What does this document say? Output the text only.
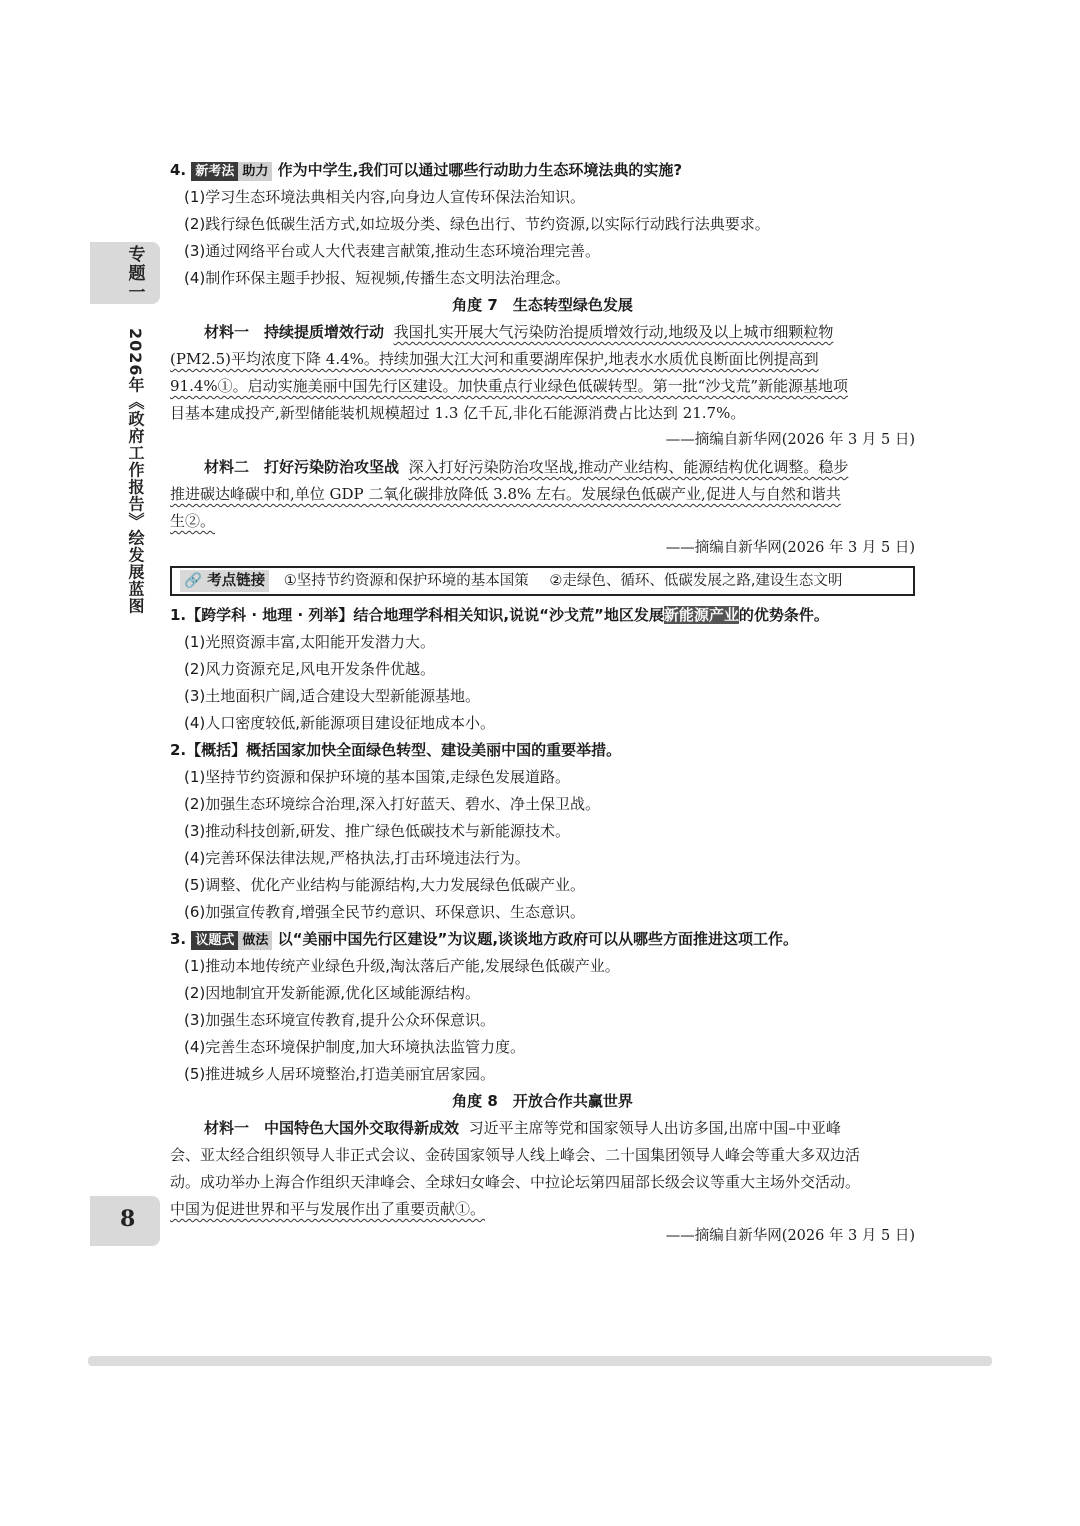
专题一
2026年《政府工作报告》绘发展蓝图
8
4. 新考法 助力 作为中学生,我们可以通过哪些行动助力生态环境法典的实施?
(1)学习生态环境法典相关内容,向身边人宣传环保法治知识。
(2)践行绿色低碳生活方式,如垃圾分类、绿色出行、节约资源,以实际行动践行法典要求。
(3)通过网络平台或人大代表建言献策,推动生态环境治理完善。
(4)制作环保主题手抄报、短视频,传播生态文明法治理念。
角度 7　生态转型绿色发展
材料一　持续提质增效行动 我国扎实开展大气污染防治提质增效行动,地级及以上城市细颗粒物
(PM2.5)平均浓度下降 4.4%。持续加强大江大河和重要湖库保护,地表水水质优良断面比例提高到
91.4%①。启动实施美丽中国先行区建设。加快重点行业绿色低碳转型。第一批“沙戈荒”新能源基地项
目基本建成投产,新型储能装机规模超过 1.3 亿千瓦,非化石能源消费占比达到 21.7%。
——摘编自新华网(2026 年 3 月 5 日)
材料二　打好污染防治攻坚战 深入打好污染防治攻坚战,推动产业结构、能源结构优化调整。稳步
推进碳达峰碳中和,单位 GDP 二氧化碳排放降低 3.8% 左右。发展绿色低碳产业,促进人与自然和谐共
生②。
——摘编自新华网(2026 年 3 月 5 日)
🔗 考点链接 ①坚持节约资源和保护环境的基本国策 ②走绿色、循环、低碳发展之路,建设生态文明
1.【跨学科 · 地理 · 列举】结合地理学科相关知识,说说“沙戈荒”地区发展新能源产业的优势条件。
(1)光照资源丰富,太阳能开发潜力大。
(2)风力资源充足,风电开发条件优越。
(3)土地面积广阔,适合建设大型新能源基地。
(4)人口密度较低,新能源项目建设征地成本小。
2.【概括】概括国家加快全面绿色转型、建设美丽中国的重要举措。
(1)坚持节约资源和保护环境的基本国策,走绿色发展道路。
(2)加强生态环境综合治理,深入打好蓝天、碧水、净土保卫战。
(3)推动科技创新,研发、推广绿色低碳技术与新能源技术。
(4)完善环保法律法规,严格执法,打击环境违法行为。
(5)调整、优化产业结构与能源结构,大力发展绿色低碳产业。
(6)加强宣传教育,增强全民节约意识、环保意识、生态意识。
3. 议题式 做法 以“美丽中国先行区建设”为议题,谈谈地方政府可以从哪些方面推进这项工作。
(1)推动本地传统产业绿色升级,淘汰落后产能,发展绿色低碳产业。
(2)因地制宜开发新能源,优化区域能源结构。
(3)加强生态环境宣传教育,提升公众环保意识。
(4)完善生态环境保护制度,加大环境执法监管力度。
(5)推进城乡人居环境整治,打造美丽宜居家园。
角度 8　开放合作共赢世界
材料一　中国特色大国外交取得新成效 习近平主席等党和国家领导人出访多国,出席中国–中亚峰
会、亚太经合组织领导人非正式会议、金砖国家领导人线上峰会、二十国集团领导人峰会等重大多双边活
动。成功举办上海合作组织天津峰会、全球妇女峰会、中拉论坛第四届部长级会议等重大主场外交活动。
中国为促进世界和平与发展作出了重要贡献①。
——摘编自新华网(2026 年 3 月 5 日)
